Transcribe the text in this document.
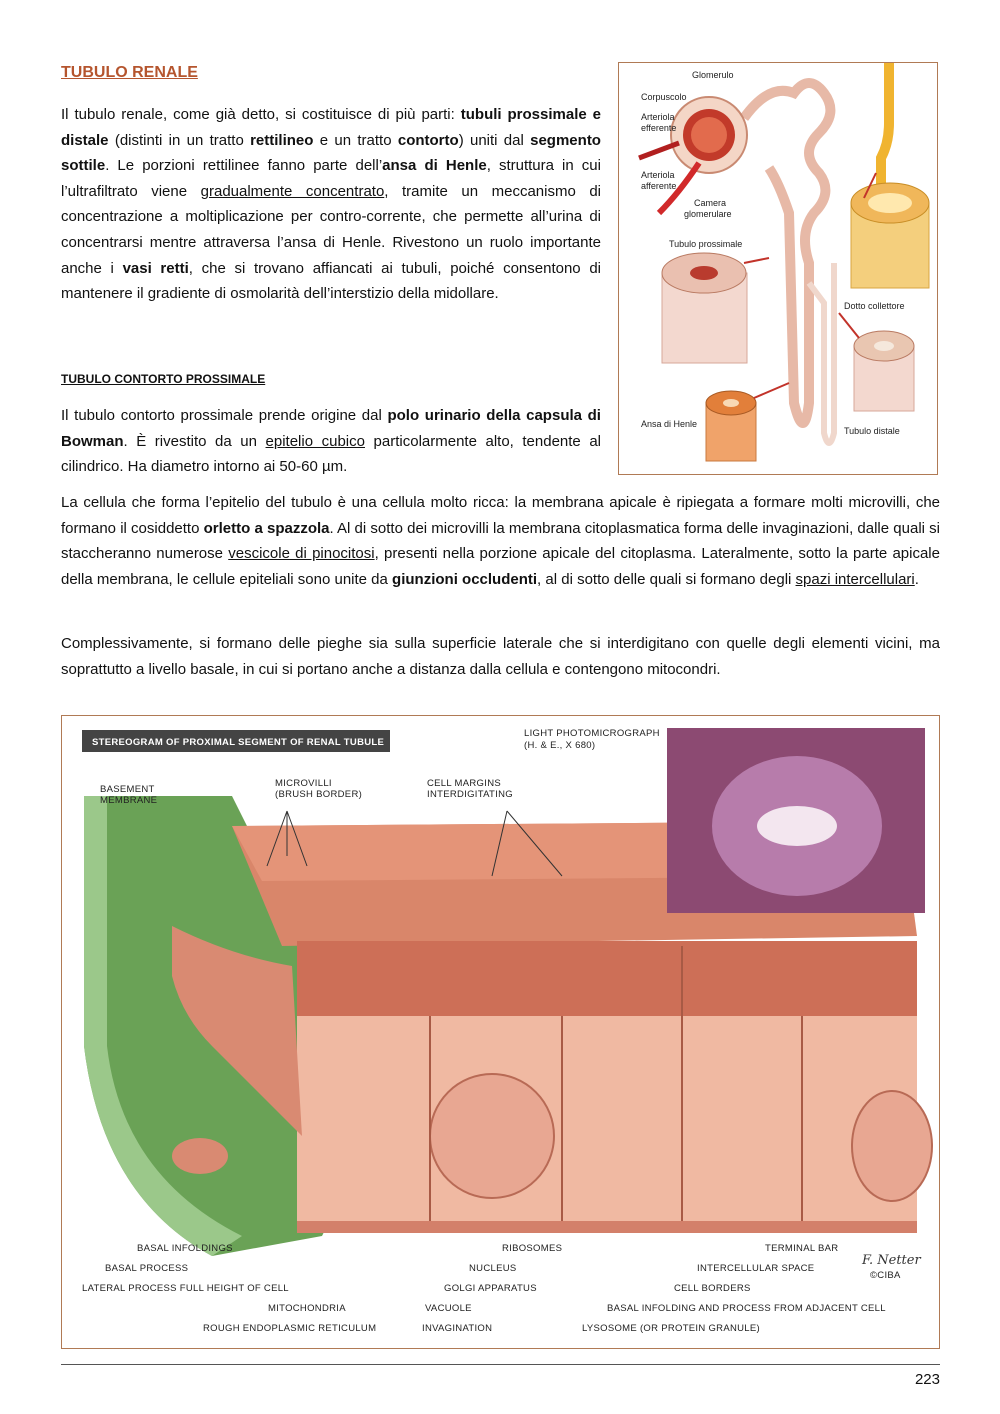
TUBULO RENALE

Il tubulo renale, come già detto, si costituisce di più parti: tubuli prossimale e distale (distinti in un tratto rettilineo e un tratto contorto) uniti dal segmento sottile. Le porzioni rettilinee fanno parte dell’ansa di Henle, struttura in cui l’ultrafiltrato viene gradualmente concentrato, tramite un meccanismo di concentrazione a moltiplicazione per contro-corrente, che permette all’urina di concentrarsi mentre attraversa l’ansa di Henle. Rivestono un ruolo importante anche i vasi retti, che si trovano affiancati ai tubuli, poiché consentono di mantenere il gradiente di osmolarità dell’interstizio della midollare.

TUBULO CONTORTO PROSSIMALE

Il tubulo contorto prossimale prende origine dal polo urinario della capsula di Bowman. È rivestito da un epitelio cubico particolarmente alto, tendente al cilindrico. Ha diametro intorno ai 50-60 µm.

La cellula che forma l’epitelio del tubulo è una cellula molto ricca: la membrana apicale è ripiegata a formare molti microvilli, che formano il cosiddetto orletto a spazzola. Al di sotto dei microvilli la membrana citoplasmatica forma delle invaginazioni, dalle quali si staccheranno numerose vescicole di pinocitosi, presenti nella porzione apicale del citoplasma. Lateralmente, sotto la parte apicale della membrana, le cellule epiteliali sono unite da giunzioni occludenti, al di sotto delle quali si formano degli spazi intercellulari.

Complessivamente, si formano delle pieghe sia sulla superficie laterale che si interdigitano con quelle degli elementi vicini, ma soprattutto a livello basale, in cui si portano anche a distanza dalla cellula e contengono mitocondri.

Glomerulo
Corpuscolo
Arteriola
efferente
Arteriola
afferente
Camera
glomerulare
Tubulo prossimale
Dotto collettore
Ansa di Henle
Tubulo distale
STEREOGRAM OF PROXIMAL SEGMENT OF RENAL TUBULE
LIGHT PHOTOMICROGRAPH
(H. & E., X 680)
BASEMENT
MEMBRANE
MICROVILLI
(BRUSH BORDER)
CELL MARGINS
INTERDIGITATING
BASAL INFOLDINGS
BASAL PROCESS
LATERAL PROCESS FULL HEIGHT OF CELL
MITOCHONDRIA
ROUGH ENDOPLASMIC RETICULUM
RIBOSOMES
NUCLEUS
GOLGI APPARATUS
VACUOLE
INVAGINATION
TERMINAL BAR
INTERCELLULAR SPACE
CELL BORDERS
BASAL INFOLDING AND PROCESS FROM ADJACENT CELL
LYSOSOME (OR PROTEIN GRANULE)
F. Netter
©CIBA
223
